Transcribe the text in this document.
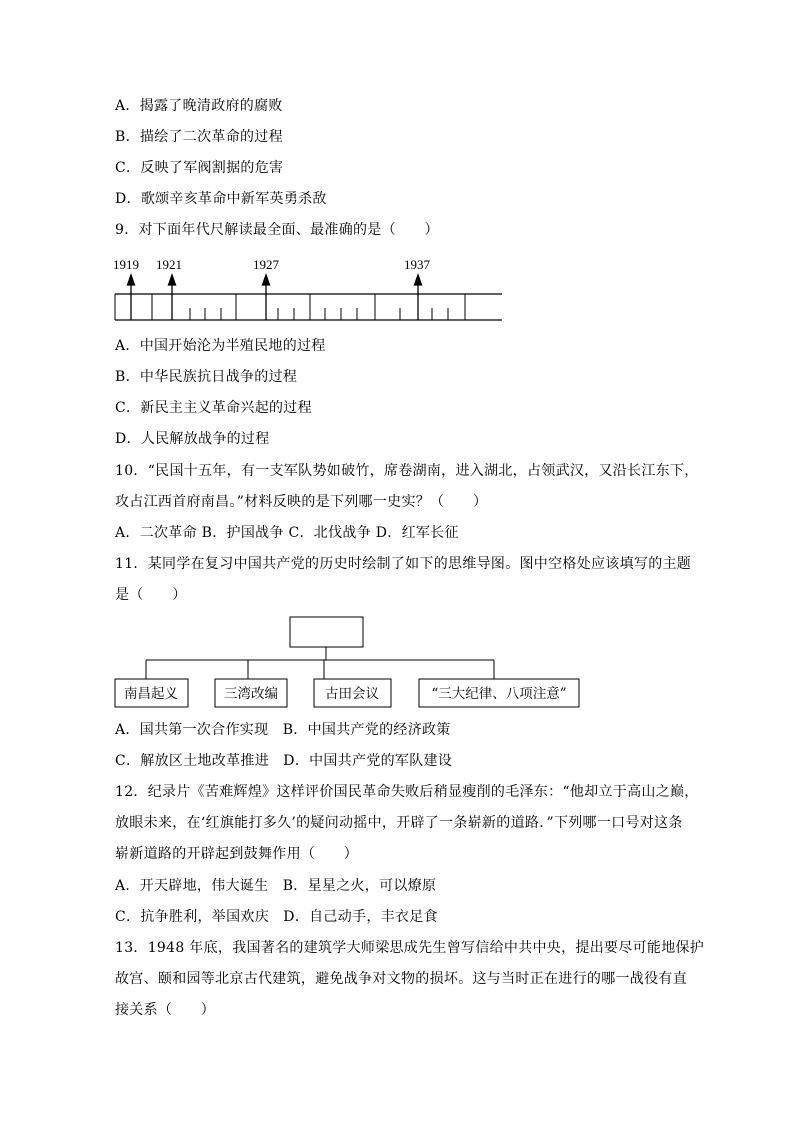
A．揭露了晚清政府的腐败
B．描绘了二次革命的过程
C．反映了军阀割据的危害
D．歌颂辛亥革命中新军英勇杀敌
9．对下面年代尺解读最全面、最准确的是（　　）
1919 1921	1927	1937
A．中国开始沦为半殖民地的过程
B．中华民族抗日战争的过程
C．新民主主义革命兴起的过程
D．人民解放战争的过程
10．“民国十五年，有一支军队势如破竹，席卷湖南，进入湖北，占领武汉，又沿长江东下，
攻占江西首府南昌。”材料反映的是下列哪一史实？（　　）
A．二次革命 B．护国战争 C．北伐战争 D．红军长征
11．某同学在复习中国共产党的历史时绘制了如下的思维导图。图中空格处应该填写的主题
是（　　）
南昌起义	三湾改编	古田会议	“三大纪律、八项注意”
A．国共第一次合作实现　B．中国共产党的经济政策
C．解放区土地改革推进　D．中国共产党的军队建设
12．纪录片《苦难辉煌》这样评价国民革命失败后稍显瘦削的毛泽东：“他却立于高山之巅，
放眼未来，在‘红旗能打多久’的疑问动摇中，开辟了一条崭新的道路．”下列哪一口号对这条
崭新道路的开辟起到鼓舞作用（　　）
A．开天辟地，伟大诞生　B．星星之火，可以燎原
C．抗争胜利，举国欢庆　D．自己动手，丰衣足食
13．1948 年底，我国著名的建筑学大师梁思成先生曾写信给中共中央，提出要尽可能地保护
故宫、颐和园等北京古代建筑，避免战争对文物的损坏。这与当时正在进行的哪一战役有直
接关系（　　）
